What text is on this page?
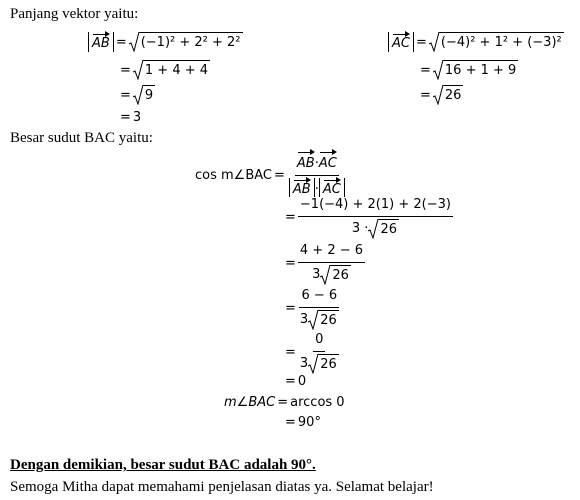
Panjang vektor yaitu:
AB = (−1)² + 2² + 2²
= 1 + 4 + 4
= 9
= 3
AC = (−4)² + 1² + (−3)²
= 16 + 1 + 9
= 26
Besar sudut BAC yaitu:
cos m∠BAC = $\frac{AB\cdot AC}{AB \cdot AC}$
= $\frac{-1(-4) + 2(1) + 2(-3)}{3 \cdot 26}$
= $\frac{4 + 2 - 6}{3 26}$
= $\frac{6 - 6}{3 26}$
= $\frac{0}{3 26}$
= 0
m∠BAC = arccos 0
= 90°
Dengan demikian, besar sudut BAC adalah 90°.
Semoga Mitha dapat memahami penjelasan diatas ya. Selamat belajar!
